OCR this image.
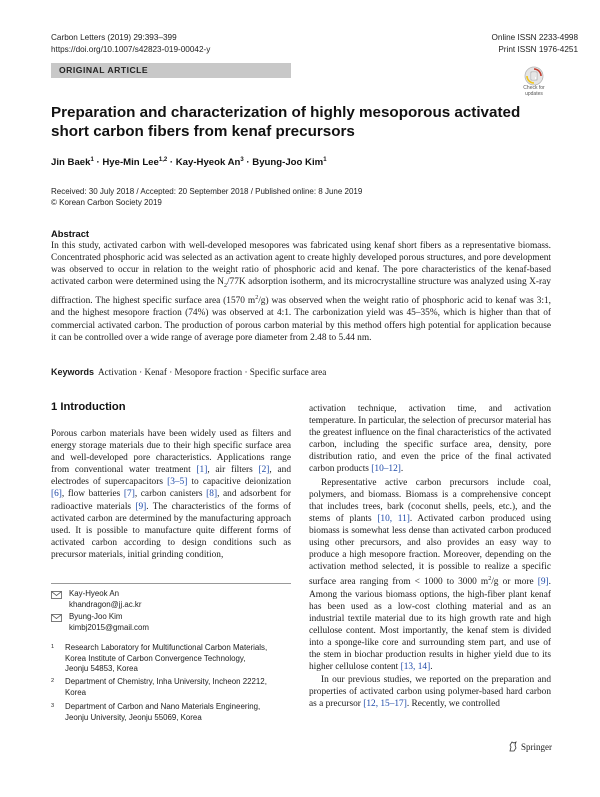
Carbon Letters (2019) 29:393–399
https://doi.org/10.1007/s42823-019-00042-y
Online ISSN 2233-4998
Print ISSN 1976-4251
ORIGINAL ARTICLE
Check for
updates
Preparation and characterization of highly mesoporous activated short carbon fibers from kenaf precursors
Jin Baek$^1$ · Hye‑Min Lee$^{1,2}$ · Kay‑Hyeok $An^3$ · Byung‑Joo Kim$^1$
Received: 30 July 2018 / Accepted: 20 September 2018 / Published online: 8 June 2019
© Korean Carbon Society 2019
Abstract
In this study, activated carbon with well-developed mesopores was fabricated using kenaf short fibers as a representative biomass. Concentrated phosphoric acid was selected as an activation agent to create highly developed porous structures, and pore development was observed to occur in relation to the weight ratio of phosphoric acid and kenaf. The pore characteristics of the kenaf-based activated carbon were determined using the $N_2/77K$ adsorption isotherm, and its microcrystalline structure was analyzed using X-ray diffraction. The highest specific surface area (1570 $m^2/g$) was observed when the weight ratio of phosphoric acid to kenaf was 3:1, and the highest mesopore fraction (74%) was observed at 4:1. The carbonization yield was 45–35%, which is higher than that of commercial activated carbon. The production of porous carbon material by this method offers high potential for application because it can be controlled over a wide range of average pore diameter from 2.48 to 5.44 nm.
Keywords Activation · Kenaf · Mesopore fraction · Specific surface area
1 Introduction

Porous carbon materials have been widely used as filters and energy storage materials due to their high specific surface area and well-developed pore characteristics. Applications range from conventional water treatment [1], air filters [2], and electrodes of supercapacitors [3–5] to capacitive deionization [6], flow batteries [7], carbon canisters [8], and adsorbent for radioactive materials [9]. The characteristics of the forms of activated carbon are determined by the manufacturing approach used. It is possible to manufacture quite different forms of activated carbon according to design conditions such as precursor materials, initial grinding condition,

activation technique, activation time, and activation temperature. In particular, the selection of precursor material has the greatest influence on the final characteristics of the activated carbon, including the specific surface area, density, pore distribution ratio, and even the price of the final activated carbon products [10–12].

Representative active carbon precursors include coal, polymers, and biomass. Biomass is a comprehensive concept that includes trees, bark (coconut shells, peels, etc.), and the stems of plants [10, 11]. Activated carbon produced using biomass is somewhat less dense than activated carbon produced using other precursors, and also provides an easy way to produce a high mesopore fraction. Moreover, depending on the activation method selected, it is possible to realize a specific surface area ranging from < 1000 to 3000 $m^2/g$ or more [9]. Among the various biomass options, the high-fiber plant kenaf has been used as a low-cost clothing material and as an industrial textile material due to its high growth rate and high cellulose content. Most importantly, the kenaf stem is divided into a sponge-like core and surrounding stem part, and use of the stem in biochar production results in higher yield due to its higher cellulose content [13, 14].

In our previous studies, we reported on the preparation and properties of activated carbon using polymer-based hard carbon as a precursor [12, 15–17]. Recently, we controlled

Kay-Hyeok An
khandragon@jj.ac.kr
Byung-Joo Kim
kimbj2015@gmail.com
1 Research Laboratory for Multifunctional Carbon Materials,
Korea Institute of Carbon Convergence Technology,
Jeonju 54853, Korea
2 Department of Chemistry, Inha University, Incheon 22212,
Korea
3 Department of Carbon and Nano Materials Engineering,
Jeonju University, Jeonju 55069, Korea
Springer
